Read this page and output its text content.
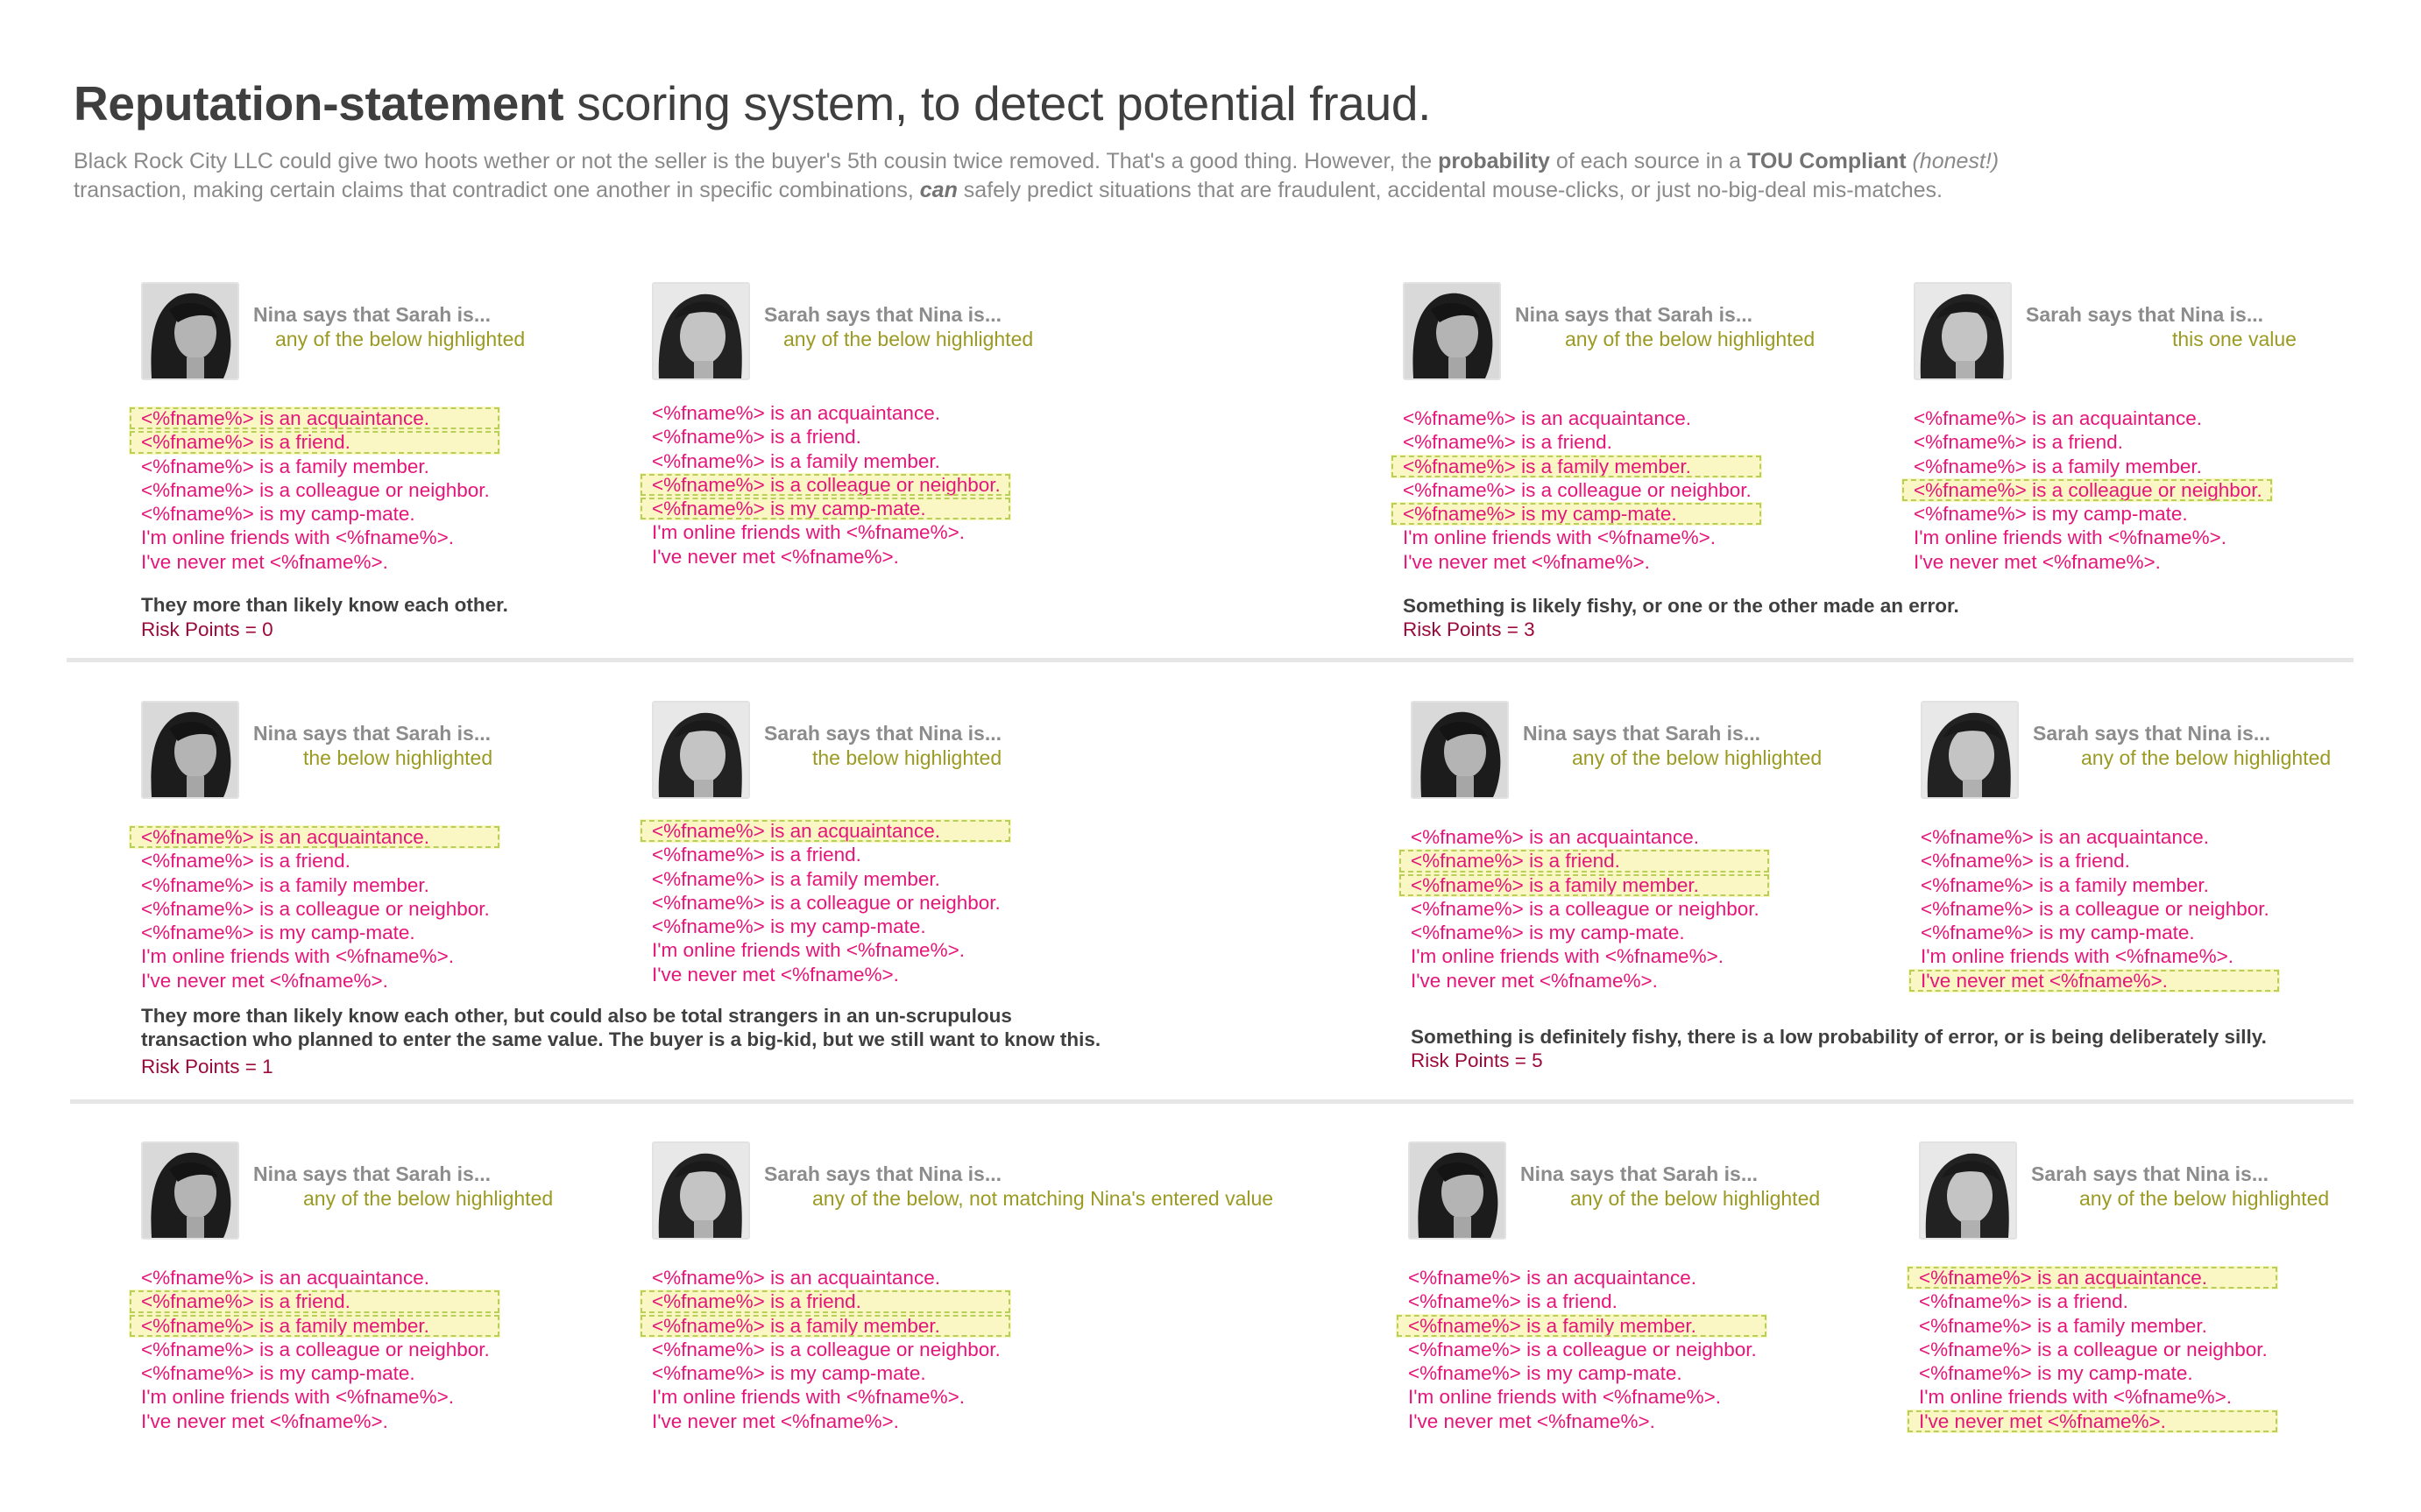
Reputation-statement scoring system, to detect potential fraud.
Black Rock City LLC could give two hoots wether or not the seller is the buyer's 5th cousin twice removed. That's a good thing. However, the probability of each source in a TOU Compliant (honest!)
transaction, making certain claims that contradict one another in specific combinations, can safely predict situations that are fraudulent, accidental mouse-clicks, or just no-big-deal mis-matches.
Nina says that Sarah is...
any of the below highlighted
<%fname%> is an acquaintance.
<%fname%> is a friend.
<%fname%> is a family member.
<%fname%> is a colleague or neighbor.
<%fname%> is my camp-mate.
I'm online friends with <%fname%>.
I've never met <%fname%>.
Sarah says that Nina is...
any of the below highlighted
<%fname%> is an acquaintance.
<%fname%> is a friend.
<%fname%> is a family member.
<%fname%> is a colleague or neighbor.
<%fname%> is my camp-mate.
I'm online friends with <%fname%>.
I've never met <%fname%>.
They more than likely know each other.
Risk Points = 0
Nina says that Sarah is...
any of the below highlighted
<%fname%> is an acquaintance.
<%fname%> is a friend.
<%fname%> is a family member.
<%fname%> is a colleague or neighbor.
<%fname%> is my camp-mate.
I'm online friends with <%fname%>.
I've never met <%fname%>.
Sarah says that Nina is...
this one value
<%fname%> is an acquaintance.
<%fname%> is a friend.
<%fname%> is a family member.
<%fname%> is a colleague or neighbor.
<%fname%> is my camp-mate.
I'm online friends with <%fname%>.
I've never met <%fname%>.
Something is likely fishy, or one or the other made an error.
Risk Points = 3
Nina says that Sarah is...
the below highlighted
<%fname%> is an acquaintance.
<%fname%> is a friend.
<%fname%> is a family member.
<%fname%> is a colleague or neighbor.
<%fname%> is my camp-mate.
I'm online friends with <%fname%>.
I've never met <%fname%>.
Sarah says that Nina is...
the below highlighted
<%fname%> is an acquaintance.
<%fname%> is a friend.
<%fname%> is a family member.
<%fname%> is a colleague or neighbor.
<%fname%> is my camp-mate.
I'm online friends with <%fname%>.
I've never met <%fname%>.
They more than likely know each other, but could also be total strangers in an un-scrupulous
transaction who planned to enter the same value. The buyer is a big-kid, but we still want to know this.
Risk Points = 1
Nina says that Sarah is...
any of the below highlighted
<%fname%> is an acquaintance.
<%fname%> is a friend.
<%fname%> is a family member.
<%fname%> is a colleague or neighbor.
<%fname%> is my camp-mate.
I'm online friends with <%fname%>.
I've never met <%fname%>.
Sarah says that Nina is...
any of the below highlighted
<%fname%> is an acquaintance.
<%fname%> is a friend.
<%fname%> is a family member.
<%fname%> is a colleague or neighbor.
<%fname%> is my camp-mate.
I'm online friends with <%fname%>.
I've never met <%fname%>.
Something is definitely fishy, there is a low probability of error, or is being deliberately silly.
Risk Points = 5
Nina says that Sarah is...
any of the below highlighted
<%fname%> is an acquaintance.
<%fname%> is a friend.
<%fname%> is a family member.
<%fname%> is a colleague or neighbor.
<%fname%> is my camp-mate.
I'm online friends with <%fname%>.
I've never met <%fname%>.
Sarah says that Nina is...
any of the below, not matching Nina's entered value
<%fname%> is an acquaintance.
<%fname%> is a friend.
<%fname%> is a family member.
<%fname%> is a colleague or neighbor.
<%fname%> is my camp-mate.
I'm online friends with <%fname%>.
I've never met <%fname%>.
Nina says that Sarah is...
any of the below highlighted
<%fname%> is an acquaintance.
<%fname%> is a friend.
<%fname%> is a family member.
<%fname%> is a colleague or neighbor.
<%fname%> is my camp-mate.
I'm online friends with <%fname%>.
I've never met <%fname%>.
Sarah says that Nina is...
any of the below highlighted
<%fname%> is an acquaintance.
<%fname%> is a friend.
<%fname%> is a family member.
<%fname%> is a colleague or neighbor.
<%fname%> is my camp-mate.
I'm online friends with <%fname%>.
I've never met <%fname%>.
